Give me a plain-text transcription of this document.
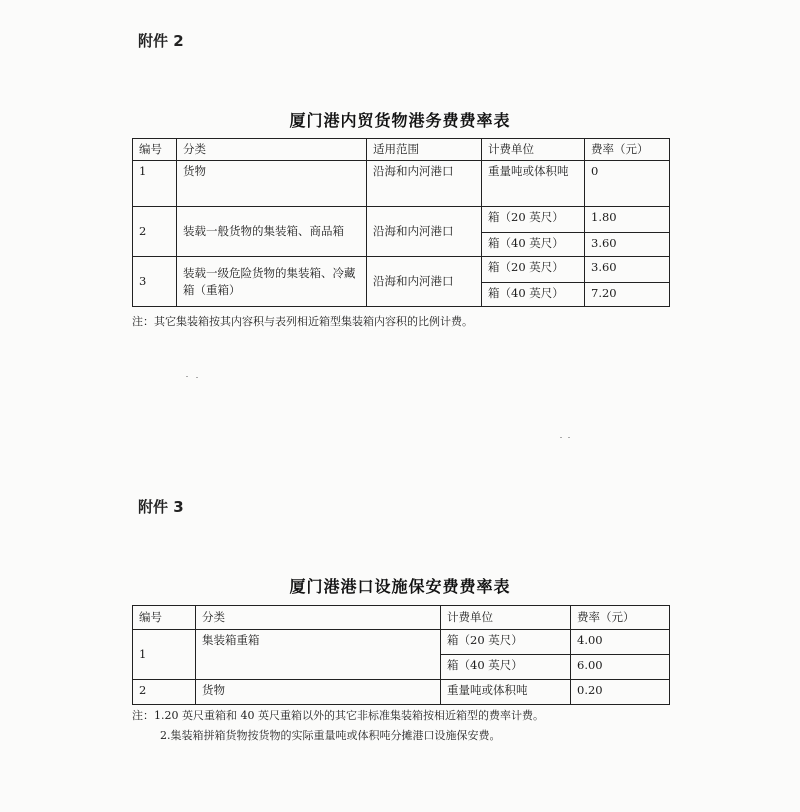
附件 2
厦门港内贸货物港务费费率表
编号	分类	适用范围	计费单位	费率（元）
1	货物	沿海和内河港口	重量吨或体积吨	0
2	装载一般货物的集装箱、商品箱	沿海和内河港口	箱（20 英尺）	1.80
			箱（40 英尺）	3.60
3	装载一级危险货物的集装箱、冷藏箱（重箱）	沿海和内河港口	箱（20 英尺）	3.60
			箱（40 英尺）	7.20
注：其它集装箱按其内容积与表列相近箱型集装箱内容积的比例计费。
附件 3
厦门港港口设施保安费费率表
编号	分类	计费单位	费率（元）
1	集装箱重箱	箱（20 英尺）	4.00
		箱（40 英尺）	6.00
2	货物	重量吨或体积吨	0.20
注：1.20 英尺重箱和 40 英尺重箱以外的其它非标准集装箱按相近箱型的费率计费。
2.集装箱拼箱货物按货物的实际重量吨或体积吨分摊港口设施保安费。
